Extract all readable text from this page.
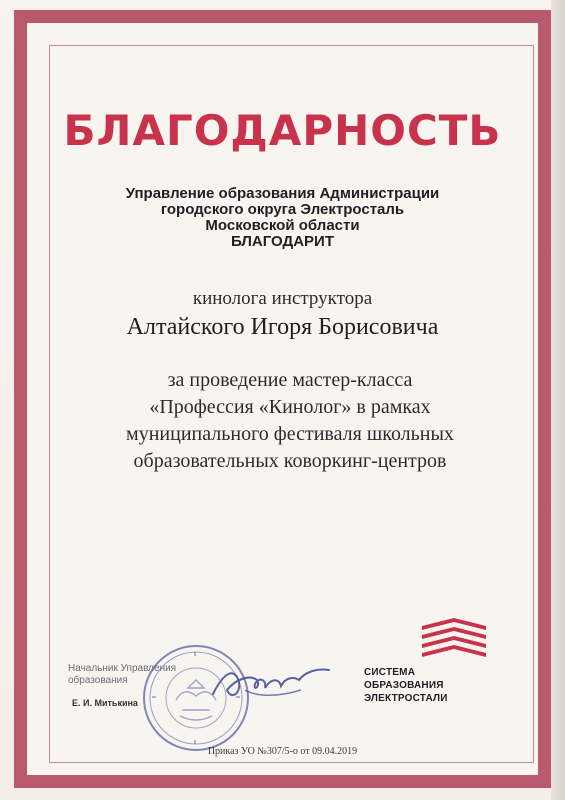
БЛАГОДАРНОСТЬ
Управление образования Администрации
городского округа Электросталь
Московской области
БЛАГОДАРИТ
кинолога инструктора
Алтайского Игоря Борисовича
за проведение мастер-класса
«Профессия «Кинолог» в рамках
муниципального фестиваля школьных
образовательных коворкинг-центров
Начальник Управления
образования
Е. И. Митькина
СИСТЕМА
ОБРАЗОВАНИЯ
ЭЛЕКТРОСТАЛИ
Приказ УО №307/5-о от 09.04.2019
